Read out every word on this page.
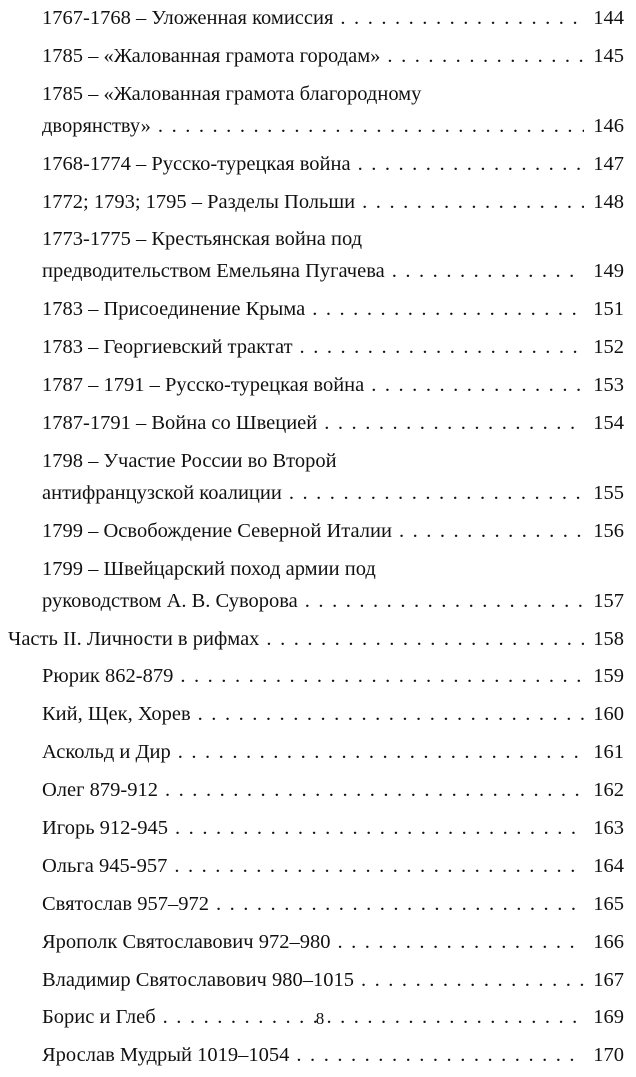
1767-1768 – Уложенная комиссия . . .	144
1785 – «Жалованная грамота городам» . . .	145
1785 – «Жалованная грамота благородному
дворянству» . . .	146
1768-1774 – Русско-турецкая война . . .	147
1772; 1793; 1795 – Разделы Польши . . .	148
1773-1775 – Крестьянская война под
предводительством Емельяна Пугачева . . .	149
1783 – Присоединение Крыма . . .	151
1783 – Георгиевский трактат . . .	152
1787 – 1791 – Русско-турецкая война . . .	153
1787-1791 – Война со Швецией . . .	154
1798 – Участие России во Второй
антифранцузской коалиции . . .	155
1799 – Освобождение Северной Италии . . .	156
1799 – Швейцарский поход армии под
руководством А. В. Суворова . . .	157
Часть II. Личности в рифмах . . .	158
Рюрик 862-879 . . .	159
Кий, Щек, Хорев . . .	160
Аскольд и Дир . . .	161
Олег 879-912 . . .	162
Игорь 912-945 . . .	163
Ольга 945-957 . . .	164
Святослав 957–972 . . .	165
Ярополк Святославович 972–980 . . .	166
Владимир Святославович 980–1015 . . .	167
Борис и Глеб . . .	169
Ярослав Мудрый 1019–1054 . . .	170
8
